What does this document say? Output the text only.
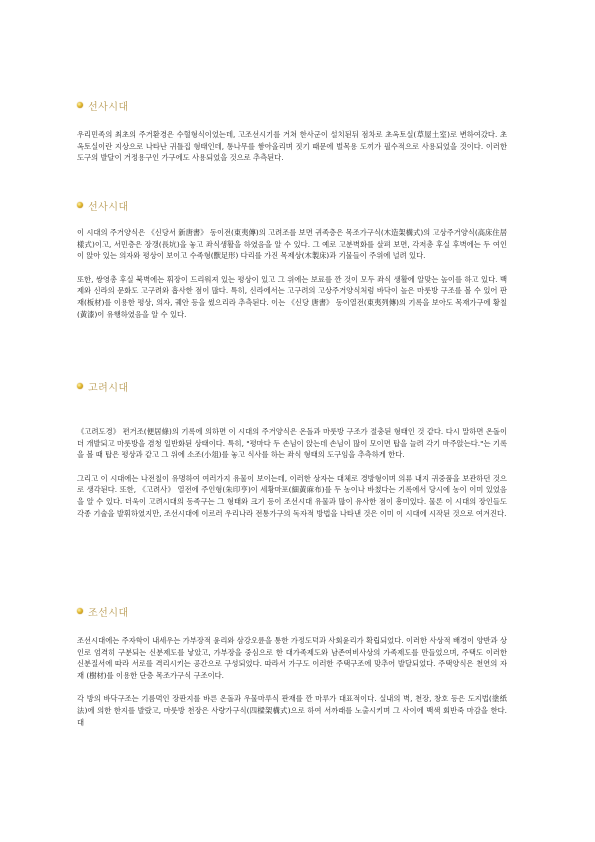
선사시대

우리민족의 최초의 주거환경은 수혈형식이었는데, 고조선시기를 거쳐 한사군이 설치된뒤 점차로 초옥토실(草屋土室)로 변하여갔다. 초옥토실이란 지상으로 나타난 귀틀집 형태인데, 통나무를 쌓아올리며 짓기 때문에 벌목용 도끼가 필수적으로 사용되었을 것이다. 이러한 도구의 발달이 거정용구인 가구에도 사용되었을 것으로 추측된다.

선사시대

이 시대의 주거양식은 《신당서 新唐書》 동이전(東夷傳)의 고려조를 보면 귀족층은 목조가구식(木造架構式)의 고상주거양식(高床住居樣式)이고, 서민층은 장갱(長坑)을 놓고 좌식생활을 하였음을 알 수 있다. 그 예로 고분벽화를 살펴 보면, 각저총 후실 후벽에는 두 여인이 앉아 있는 의자와 평상이 보이고 수족형(獸足形) 다리를 가진 목제상(木製床)과 기물들이 주위에 널려 있다.

또한, 쌍영총 후실 북벽에는 휘장이 드리워져 있는 평상이 있고 그 위에는 보료를 깐 것이 모두 좌식 생활에 알맞는 높이를 하고 있다. 백제와 신라의 문화도 고구려와 흡사한 점이 많다. 특히, 신라에서는 고구려의 고상주거양식처럼 바닥이 높은 마룻방 구조를 볼 수 있어 판재(板材)를 이용한 평상, 의자, 궤안 등을 썼으리라 추측된다. 이는 《신당 唐書》 동이열전(東夷列傳)의 기록을 보아도 목재가구에 황칠(黃漆)이 유행하였음을 알 수 있다.

고려시대

《고려도경》 편거조(便居條)의 기록에 의하면 이 시대의 주거양식은 온돌과 마룻방 구조가 절충된 형태인 것 같다. 다시 말하면 온돌이 더 개발되고 마룻방을 겸청 일반화된 상태이다. 특히, "평마다 두 손님이 앉는데 손님이 많이 모이면 탑을 늘려 각기 마주앉는다."는 기록을 볼 때 탑은 평상과 같고 그 위에 소조(小俎)를 놓고 식사를 하는 좌식 형태의 도구임을 추측하게 한다.

그리고 이 시대에는 나전칠이 유명하여 여러가지 유물이 보이는데, 이러한 상자는 대체로 경방형이며 의류 내지 귀중품을 보관하던 것으로 생각된다. 또한, 《고려사》 열전에 주인형(朱印亨)이 세황마포(細黃麻布)를 두 농이나 바쳤다는 기록에서 당시에 농이 이미 있었음을 알 수 있다. 더욱이 고려시대의 동족구는 그 형태와 크기 등이 조선시대 유물과 많이 유사한 점이 흥미있다. 물론 이 시대의 장인들도 각종 기술을 발휘하였지만, 조선시대에 이르러 우리나라 전통가구의 독자적 방법을 나타낸 것은 이미 이 시대에 시작된 것으로 여겨진다.

조선시대

조선시대에는 주자학이 내세우는 가부장적 윤리와 삼강오륜을 통한 가정도덕과 사회윤리가 확립되었다. 이러한 사상적 배경이 양반과 상인로 엄격히 구분되는 신분제도를 낳았고, 가부장을 중심으로 한 대가족제도와 남존여비사상의 가족제도를 만들었으며, 주택도 이러한 신분질서에 따라 서로를 격리시키는 공간으로 구성되었다. 따라서 가구도 이러한 주택구조에 맞추어 발달되었다. 주택양식은 천연의 자재 (樹材)를 이용한 단층 목조가구식 구조이다.

각 방의 바닥구조는 기름먹인 장판지를 바른 온돌과 우물마루식 판재를 깐 마루가 대표적이다. 실내의 벽, 천장, 창호 등은 도지법(塗紙法)에 의한 한지를 발랐고, 마룻방 천장은 사량가구식(四樑架構式)으로 하여 서까래를 노출시키며 그 사이에 백색 회반죽 마감을 한다. 대
